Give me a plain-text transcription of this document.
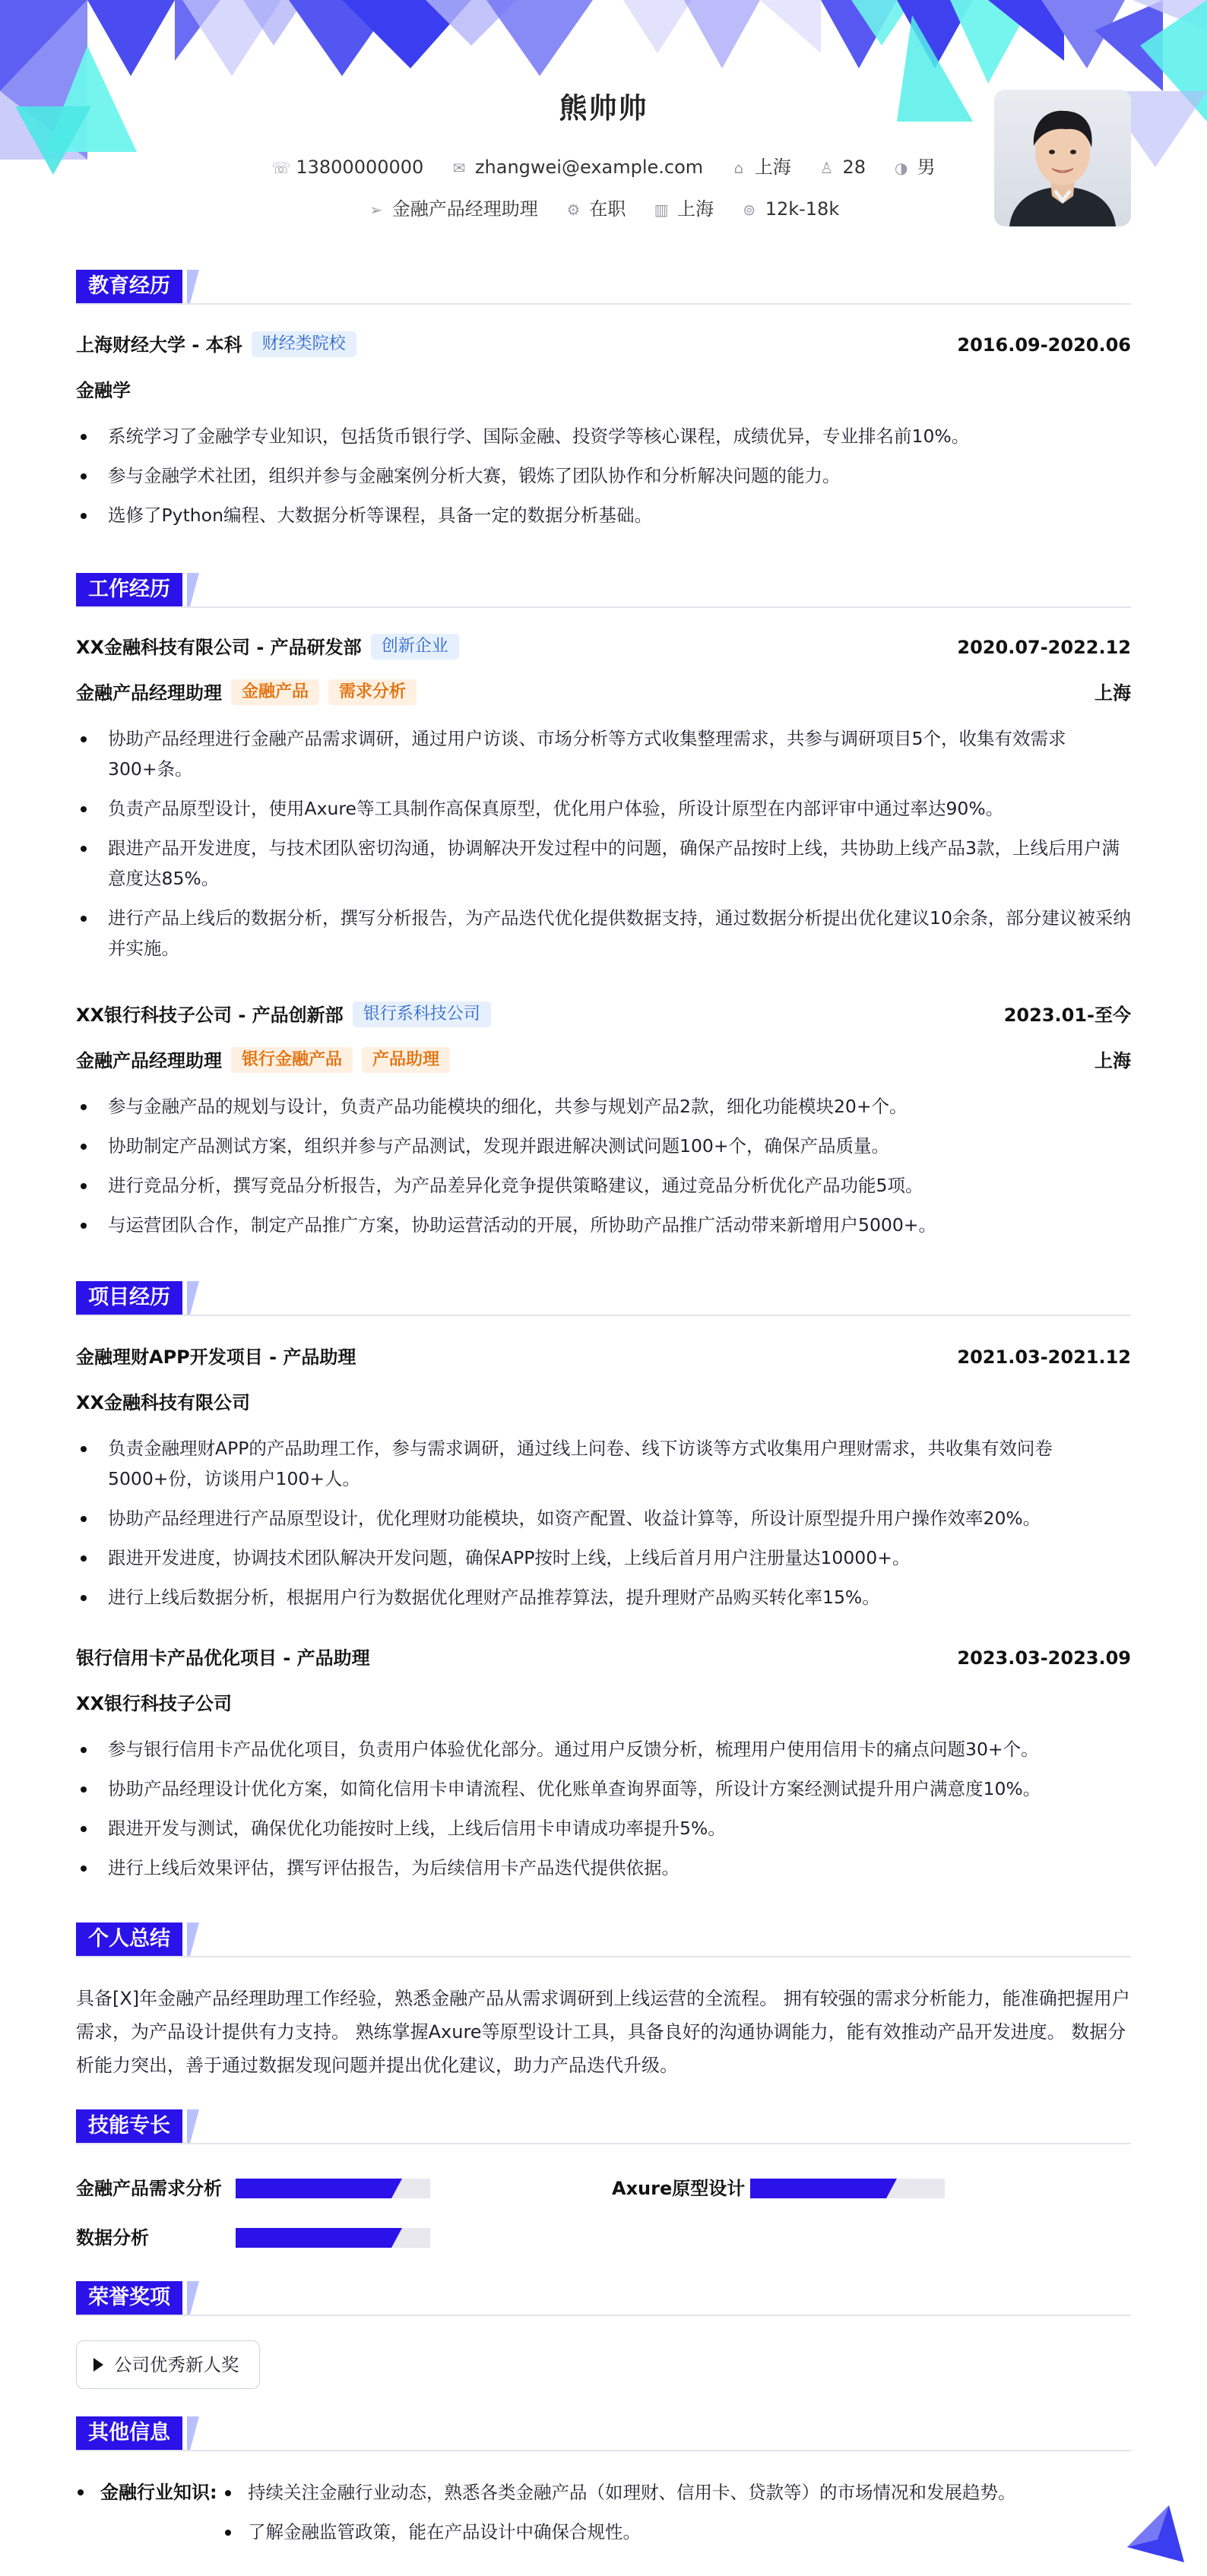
熊帅帅
☏ 13800000000 ✉ zhangwei@example.com ⌂ 上海 ♙ 28 ◑ 男
➢ 金融产品经理助理 ⚙ 在职 ▥ 上海 ⊚ 12k-18k
教育经历
上海财经大学 - 本科 财经类院校	2016.09-2020.06
金融学
系统学习了金融学专业知识，包括货币银行学、国际金融、投资学等核心课程，成绩优异，专业排名前10%。
参与金融学术社团，组织并参与金融案例分析大赛，锻炼了团队协作和分析解决问题的能力。
选修了Python编程、大数据分析等课程，具备一定的数据分析基础。
工作经历
XX金融科技有限公司 - 产品研发部 创新企业	2020.07-2022.12
金融产品经理助理 金融产品 需求分析	上海
协助产品经理进行金融产品需求调研，通过用户访谈、市场分析等方式收集整理需求，共参与调研项目5个，收集有效需求300+条。
负责产品原型设计，使用Axure等工具制作高保真原型，优化用户体验，所设计原型在内部评审中通过率达90%。
跟进产品开发进度，与技术团队密切沟通，协调解决开发过程中的问题，确保产品按时上线，共协助上线产品3款，上线后用户满意度达85%。
进行产品上线后的数据分析，撰写分析报告，为产品迭代优化提供数据支持，通过数据分析提出优化建议10余条，部分建议被采纳并实施。
XX银行科技子公司 - 产品创新部 银行系科技公司	2023.01-至今
金融产品经理助理 银行金融产品 产品助理	上海
参与金融产品的规划与设计，负责产品功能模块的细化，共参与规划产品2款，细化功能模块20+个。
协助制定产品测试方案，组织并参与产品测试，发现并跟进解决测试问题100+个，确保产品质量。
进行竞品分析，撰写竞品分析报告，为产品差异化竞争提供策略建议，通过竞品分析优化产品功能5项。
与运营团队合作，制定产品推广方案，协助运营活动的开展，所协助产品推广活动带来新增用户5000+。
项目经历
金融理财APP开发项目 - 产品助理	2021.03-2021.12
XX金融科技有限公司
负责金融理财APP的产品助理工作，参与需求调研，通过线上问卷、线下访谈等方式收集用户理财需求，共收集有效问卷5000+份，访谈用户100+人。
协助产品经理进行产品原型设计，优化理财功能模块，如资产配置、收益计算等，所设计原型提升用户操作效率20%。
跟进开发进度，协调技术团队解决开发问题，确保APP按时上线，上线后首月用户注册量达10000+。
进行上线后数据分析，根据用户行为数据优化理财产品推荐算法，提升理财产品购买转化率15%。
银行信用卡产品优化项目 - 产品助理	2023.03-2023.09
XX银行科技子公司
参与银行信用卡产品优化项目，负责用户体验优化部分。通过用户反馈分析，梳理用户使用信用卡的痛点问题30+个。
协助产品经理设计优化方案，如简化信用卡申请流程、优化账单查询界面等，所设计方案经测试提升用户满意度10%。
跟进开发与测试，确保优化功能按时上线，上线后信用卡申请成功率提升5%。
进行上线后效果评估，撰写评估报告，为后续信用卡产品迭代提供依据。
个人总结
具备[X]年金融产品经理助理工作经验，熟悉金融产品从需求调研到上线运营的全流程。 拥有较强的需求分析能力，能准确把握用户需求，为产品设计提供有力支持。 熟练掌握Axure等原型设计工具，具备良好的沟通协调能力，能有效推动产品开发进度。 数据分析能力突出，善于通过数据发现问题并提出优化建议，助力产品迭代升级。
技能专长
金融产品需求分析	Axure原型设计
数据分析
荣誉奖项
公司优秀新人奖
其他信息
金融行业知识:	持续关注金融行业动态，熟悉各类金融产品（如理财、信用卡、贷款等）的市场情况和发展趋势。
了解金融监管政策，能在产品设计中确保合规性。
